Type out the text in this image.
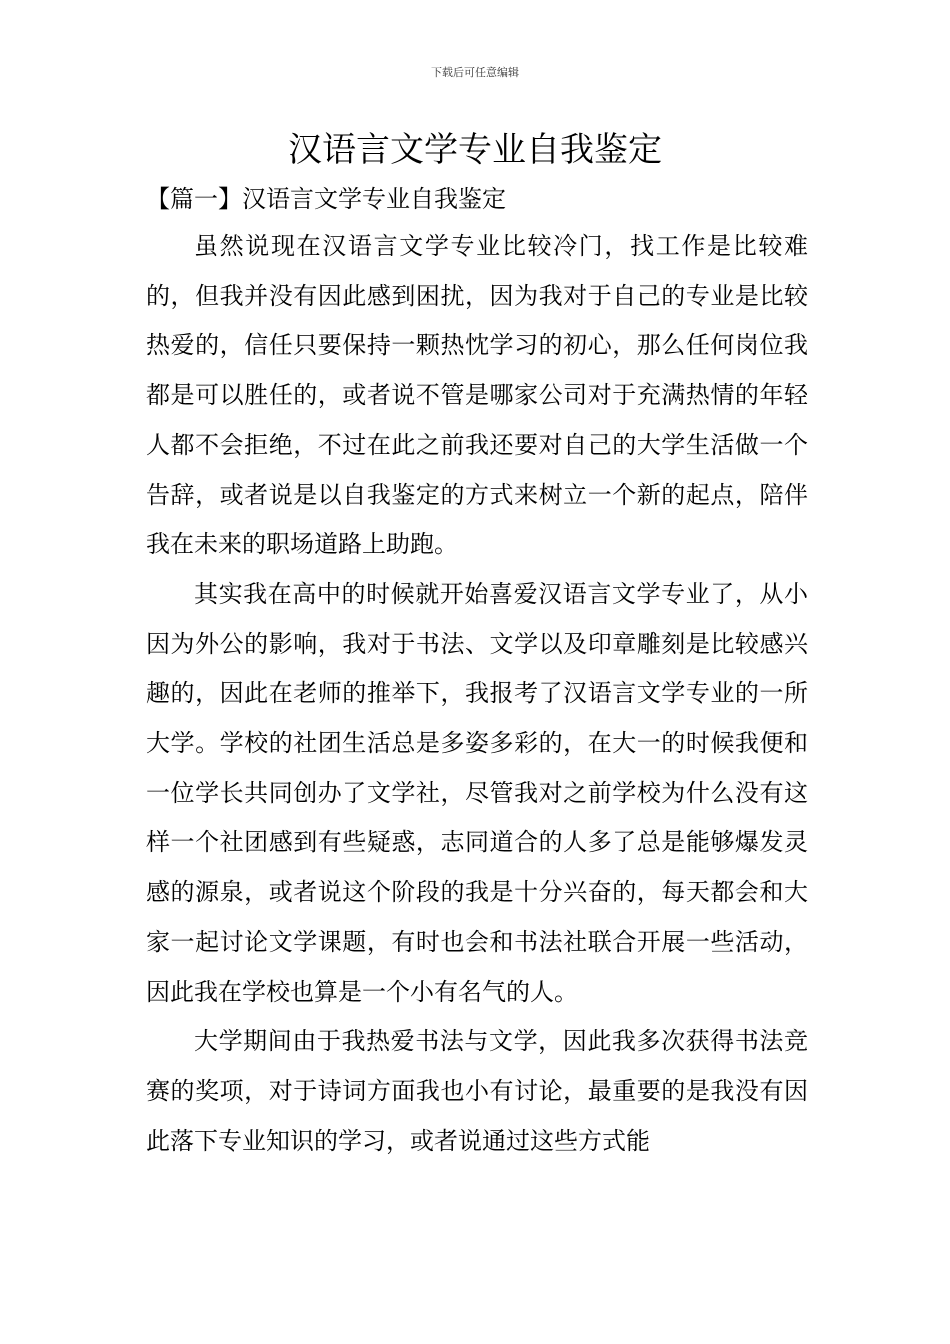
下载后可任意编辑
汉语言文学专业自我鉴定
【篇一】汉语言文学专业自我鉴定

虽然说现在汉语言文学专业比较冷门，找工作是比较难的，但我并没有因此感到困扰，因为我对于自己的专业是比较热爱的，信任只要保持一颗热忱学习的初心，那么任何岗位我都是可以胜任的，或者说不管是哪家公司对于充满热情的年轻人都不会拒绝，不过在此之前我还要对自己的大学生活做一个告辞，或者说是以自我鉴定的方式来树立一个新的起点，陪伴我在未来的职场道路上助跑。

其实我在高中的时候就开始喜爱汉语言文学专业了，从小因为外公的影响，我对于书法、文学以及印章雕刻是比较感兴趣的，因此在老师的推举下，我报考了汉语言文学专业的一所大学。学校的社团生活总是多姿多彩的，在大一的时候我便和一位学长共同创办了文学社，尽管我对之前学校为什么没有这样一个社团感到有些疑惑，志同道合的人多了总是能够爆发灵感的源泉，或者说这个阶段的我是十分兴奋的，每天都会和大家一起讨论文学课题，有时也会和书法社联合开展一些活动，因此我在学校也算是一个小有名气的人。

大学期间由于我热爱书法与文学，因此我多次获得书法竞赛的奖项，对于诗词方面我也小有讨论，最重要的是我没有因此落下专业知识的学习，或者说通过这些方式能
